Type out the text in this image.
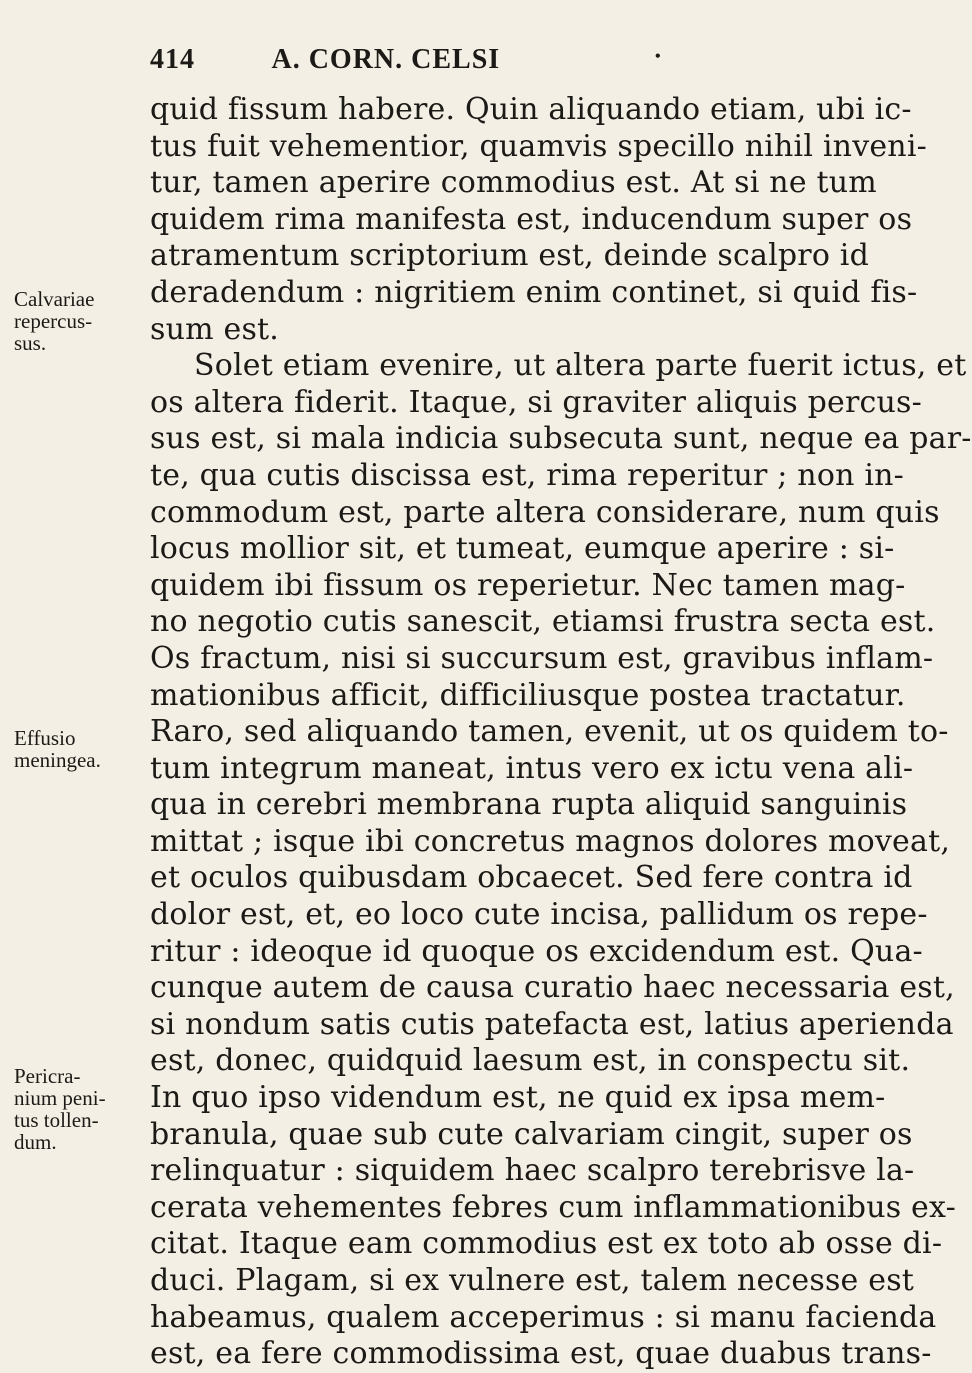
414	A. CORN. CELSI	•
Calvariae
repercus-
sus.
Effusio
meningea.
Pericra-
nium peni-
tus tollen-
dum.
quid fissum habere. Quin aliquando etiam, ubi ic-
tus fuit vehementior, quamvis specillo nihil inveni-
tur, tamen aperire commodius est. At si ne tum
quidem rima manifesta est, inducendum super os
atramentum scriptorium est, deinde scalpro id
deradendum : nigritiem enim continet, si quid fis-
sum est.
Solet etiam evenire, ut altera parte fuerit ictus, et
os altera fiderit. Itaque, si graviter aliquis percus-
sus est, si mala indicia subsecuta sunt, neque ea par-
te, qua cutis discissa est, rima reperitur ; non in-
commodum est, parte altera considerare, num quis
locus mollior sit, et tumeat, eumque aperire : si-
quidem ibi fissum os reperietur. Nec tamen mag-
no negotio cutis sanescit, etiamsi frustra secta est.
Os fractum, nisi si succursum est, gravibus inflam-
mationibus afficit, difficiliusque postea tractatur.
Raro, sed aliquando tamen, evenit, ut os quidem to-
tum integrum maneat, intus vero ex ictu vena ali-
qua in cerebri membrana rupta aliquid sanguinis
mittat ; isque ibi concretus magnos dolores moveat,
et oculos quibusdam obcaecet. Sed fere contra id
dolor est, et, eo loco cute incisa, pallidum os repe-
ritur : ideoque id quoque os excidendum est. Qua-
cunque autem de causa curatio haec necessaria est,
si nondum satis cutis patefacta est, latius aperienda
est, donec, quidquid laesum est, in conspectu sit.
In quo ipso videndum est, ne quid ex ipsa mem-
branula, quae sub cute calvariam cingit, super os
relinquatur : siquidem haec scalpro terebrisve la-
cerata vehementes febres cum inflammationibus ex-
citat. Itaque eam commodius est ex toto ab osse di-
duci. Plagam, si ex vulnere est, talem necesse est
habeamus, qualem acceperimus : si manu facienda
est, ea fere commodissima est, quae duabus trans-
